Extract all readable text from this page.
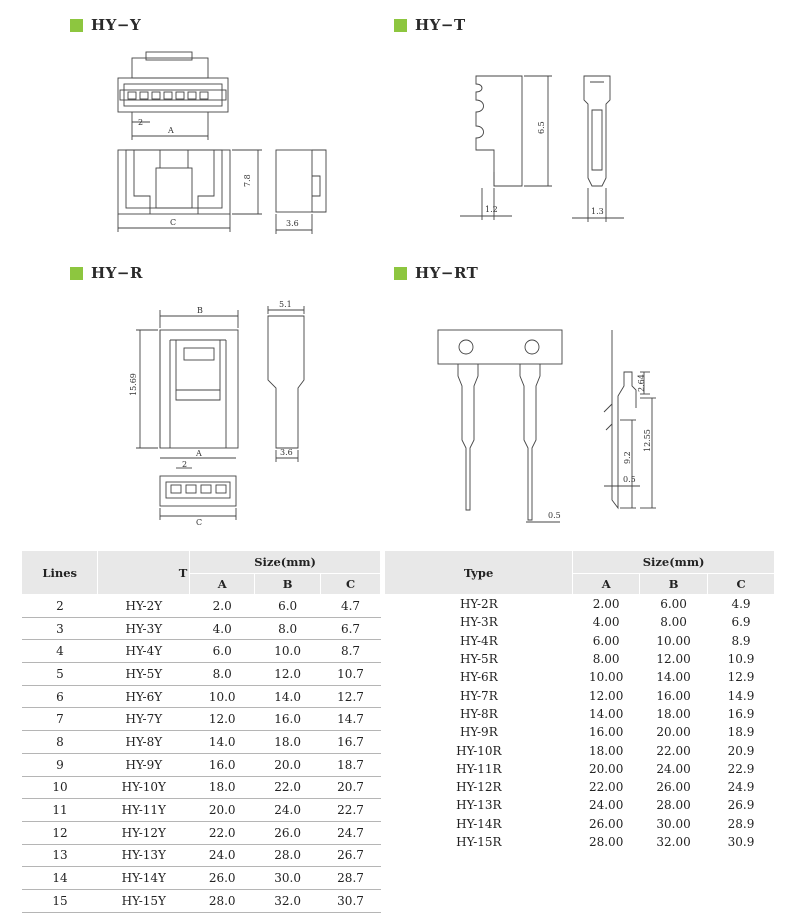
HY−Y	HY−T
HY−R	HY−RT
2
A
C
7.8
3.6
6.5
1.2	1.3
B
15.69
5.1
3.6
A
2
C
0.5
2.64
12.55
9.2
0.5
Lines	T	Size(mm)		
		A	B	C
2	HY-2Y	2.0	6.0	4.7
3	HY-3Y	4.0	8.0	6.7
4	HY-4Y	6.0	10.0	8.7
5	HY-5Y	8.0	12.0	10.7
6	HY-6Y	10.0	14.0	12.7
7	HY-7Y	12.0	16.0	14.7
8	HY-8Y	14.0	18.0	16.7
9	HY-9Y	16.0	20.0	18.7
10	HY-10Y	18.0	22.0	20.7
11	HY-11Y	20.0	24.0	22.7
12	HY-12Y	22.0	26.0	24.7
13	HY-13Y	24.0	28.0	26.7
14	HY-14Y	26.0	30.0	28.7
15	HY-15Y	28.0	32.0	30.7
Type	Size(mm)		
	A	B	C
HY-2R	2.00	6.00	4.9
HY-3R	4.00	8.00	6.9
HY-4R	6.00	10.00	8.9
HY-5R	8.00	12.00	10.9
HY-6R	10.00	14.00	12.9
HY-7R	12.00	16.00	14.9
HY-8R	14.00	18.00	16.9
HY-9R	16.00	20.00	18.9
HY-10R	18.00	22.00	20.9
HY-11R	20.00	24.00	22.9
HY-12R	22.00	26.00	24.9
HY-13R	24.00	28.00	26.9
HY-14R	26.00	30.00	28.9
HY-15R	28.00	32.00	30.9
